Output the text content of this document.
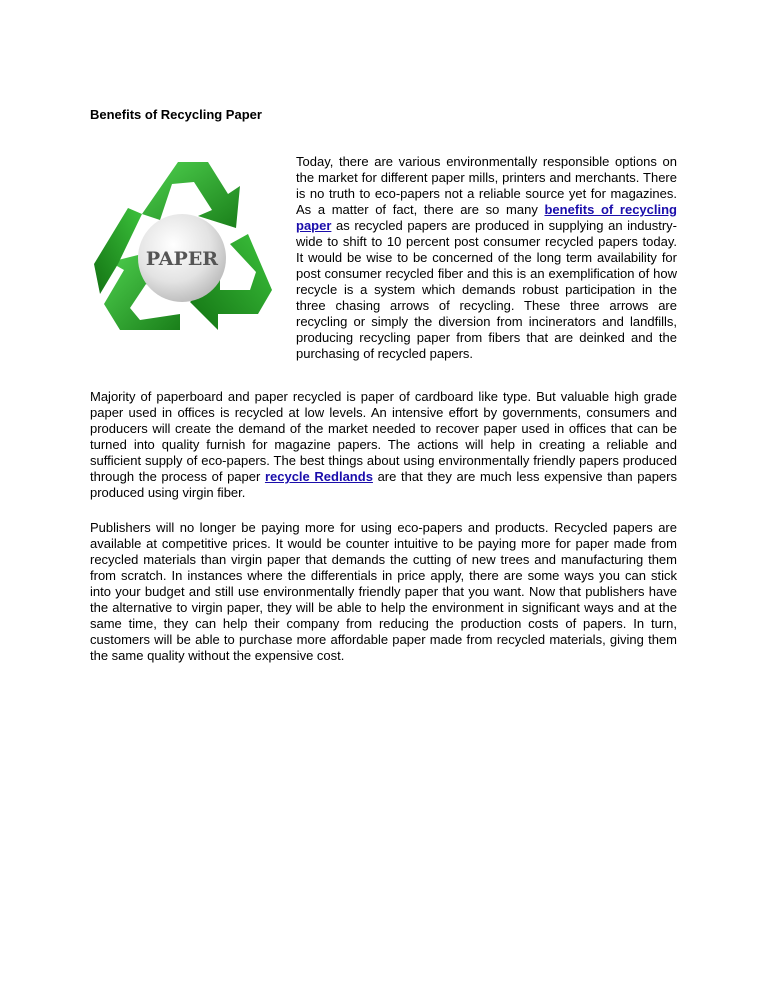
Benefits of Recycling Paper
PAPER

Today, there are various environmentally responsible options on the market for different paper mills, printers and merchants. There is no truth to eco-papers not a reliable source yet for magazines. As a matter of fact, there are so many benefits of recycling paper as recycled papers are produced in supplying an industry-wide to shift to 10 percent post consumer recycled papers today. It would be wise to be concerned of the long term availability for post consumer recycled fiber and this is an exemplification of how recycle is a system which demands robust participation in the three chasing arrows of recycling. These three arrows are recycling or simply the diversion from incinerators and landfills, producing recycling paper from fibers that are deinked and the purchasing of recycled papers.

Majority of paperboard and paper recycled is paper of cardboard like type. But valuable high grade paper used in offices is recycled at low levels. An intensive effort by governments, consumers and producers will create the demand of the market needed to recover paper used in offices that can be turned into quality furnish for magazine papers. The actions will help in creating a reliable and sufficient supply of eco-papers. The best things about using environmentally friendly papers produced through the process of paper recycle Redlands are that they are much less expensive than papers produced using virgin fiber.

Publishers will no longer be paying more for using eco-papers and products. Recycled papers are available at competitive prices. It would be counter intuitive to be paying more for paper made from recycled materials than virgin paper that demands the cutting of new trees and manufacturing them from scratch. In instances where the differentials in price apply, there are some ways you can stick into your budget and still use environmentally friendly paper that you want. Now that publishers have the alternative to virgin paper, they will be able to help the environment in significant ways and at the same time, they can help their company from reducing the production costs of papers. In turn, customers will be able to purchase more affordable paper made from recycled materials, giving them the same quality without the expensive cost.
